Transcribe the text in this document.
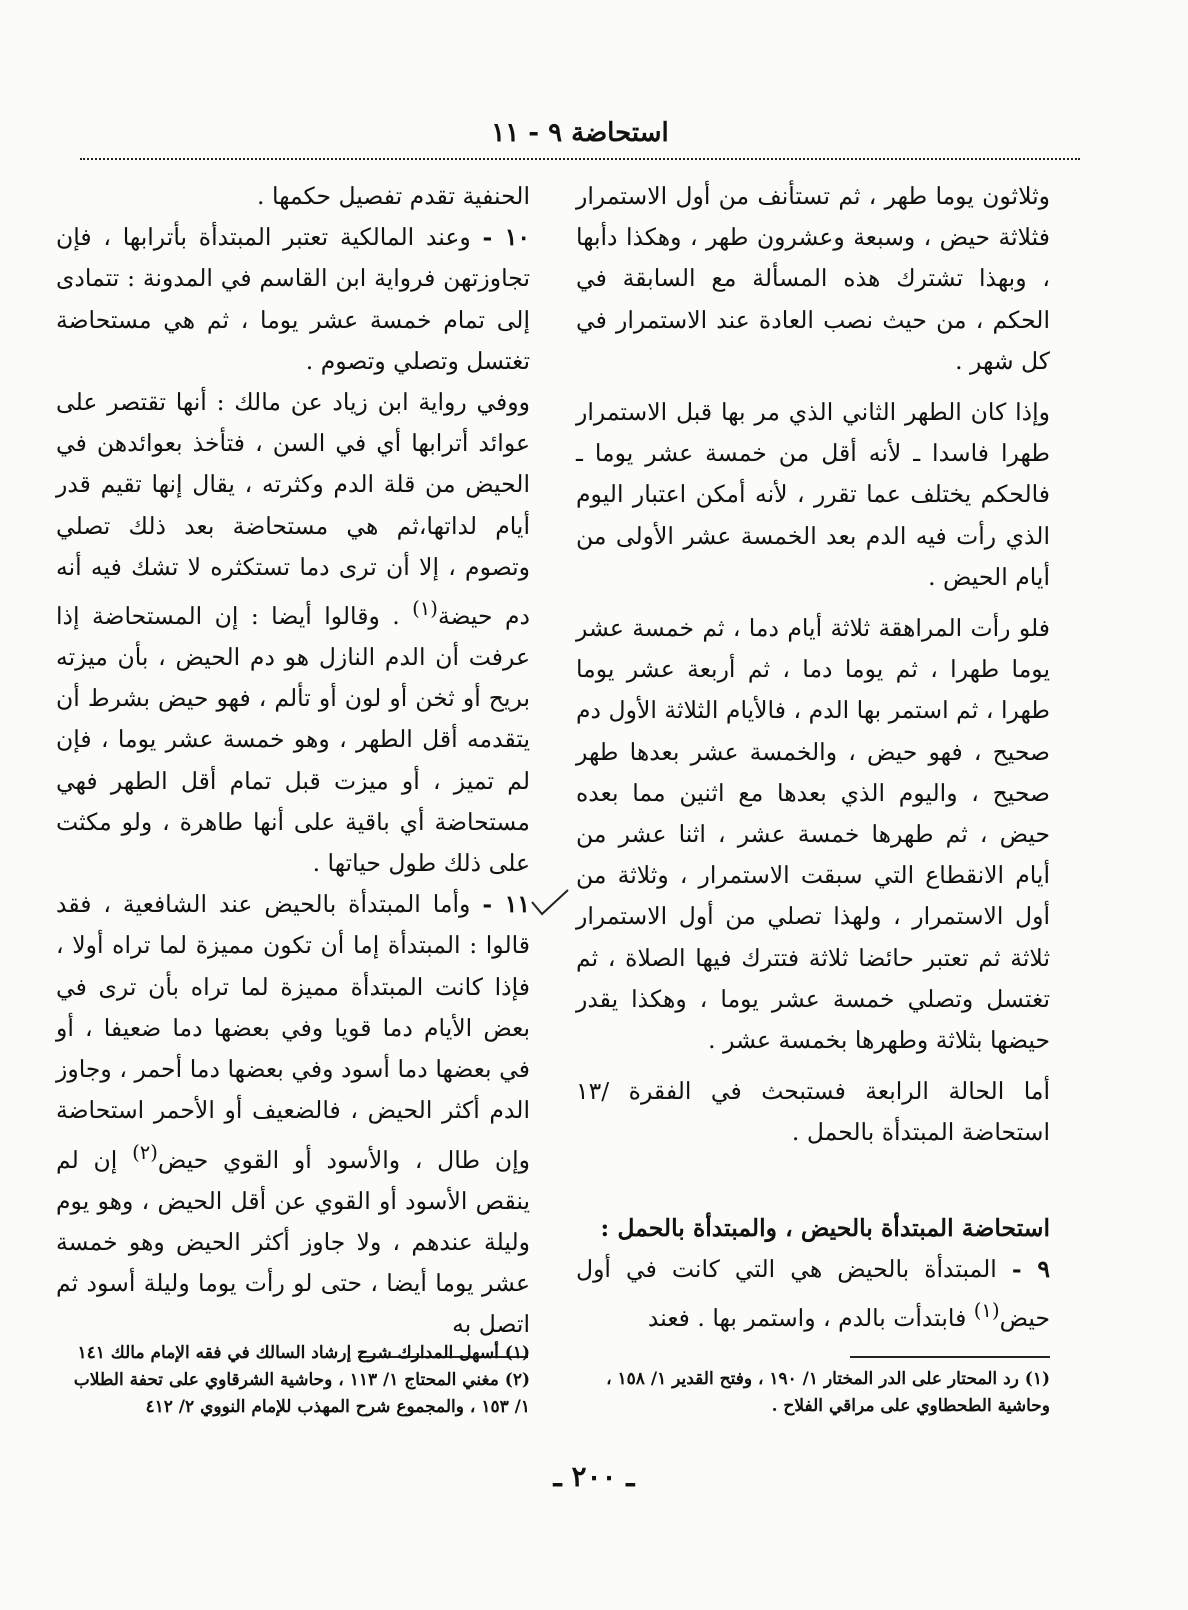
استحاضة ٩ - ١١

وثلاثون يوما طهر ، ثم تستأنف من أول الاستمرار فثلاثة حيض ، وسبعة وعشرون طهر ، وهكذا دأبها ، وبهذا تشترك هذه المسألة مع السابقة في الحكم ، من حيث نصب العادة عند الاستمرار في كل شهر .

وإذا كان الطهر الثاني الذي مر بها قبل الاستمرار طهرا فاسدا ـ لأنه أقل من خمسة عشر يوما ـ فالحكم يختلف عما تقرر ، لأنه أمكن اعتبار اليوم الذي رأت فيه الدم بعد الخمسة عشر الأولى من أيام الحيض .

فلو رأت المراهقة ثلاثة أيام دما ، ثم خمسة عشر يوما طهرا ، ثم يوما دما ، ثم أربعة عشر يوما طهرا ، ثم استمر بها الدم ، فالأيام الثلاثة الأول دم صحيح ، فهو حيض ، والخمسة عشر بعدها طهر صحيح ، واليوم الذي بعدها مع اثنين مما بعده حيض ، ثم طهرها خمسة عشر ، اثنا عشر من أيام الانقطاع التي سبقت الاستمرار ، وثلاثة من أول الاستمرار ، ولهذا تصلي من أول الاستمرار ثلاثة ثم تعتبر حائضا ثلاثة فتترك فيها الصلاة ، ثم تغتسل وتصلي خمسة عشر يوما ، وهكذا يقدر حيضها بثلاثة وطهرها بخمسة عشر .

أما الحالة الرابعة فستبحث في الفقرة /١٣ استحاضة المبتدأة بالحمل .

استحاضة المبتدأة بالحيض ، والمبتدأة بالحمل :

٩ - المبتدأة بالحيض هي التي كانت في أول حيض$^{(١)}$ فابتدأت بالدم ، واستمر بها . فعند

الحنفية تقدم تفصيل حكمها .

١٠ - وعند المالكية تعتبر المبتدأة بأترابها ، فإن تجاوزتهن فرواية ابن القاسم في المدونة : تتمادى إلى تمام خمسة عشر يوما ، ثم هي مستحاضة تغتسل وتصلي وتصوم .

ووفي رواية ابن زياد عن مالك : أنها تقتصر على عوائد أترابها أي في السن ، فتأخذ بعوائدهن في الحيض من قلة الدم وكثرته ، يقال إنها تقيم قدر أيام لداتها،ثم هي مستحاضة بعد ذلك تصلي وتصوم ، إلا أن ترى دما تستكثره لا تشك فيه أنه دم حيضة$^{(١)}$ . وقالوا أيضا : إن المستحاضة إذا عرفت أن الدم النازل هو دم الحيض ، بأن ميزته بريح أو ثخن أو لون أو تألم ، فهو حيض بشرط أن يتقدمه أقل الطهر ، وهو خمسة عشر يوما ، فإن لم تميز ، أو ميزت قبل تمام أقل الطهر فهي مستحاضة أي باقية على أنها طاهرة ، ولو مكثت على ذلك طول حياتها .

١١ - وأما المبتدأة بالحيض عند الشافعية ، فقد قالوا : المبتدأة إما أن تكون مميزة لما تراه أولا ، فإذا كانت المبتدأة مميزة لما تراه بأن ترى في بعض الأيام دما قويا وفي بعضها دما ضعيفا ، أو في بعضها دما أسود وفي بعضها دما أحمر ، وجاوز الدم أكثر الحيض ، فالضعيف أو الأحمر استحاضة وإن طال ، والأسود أو القوي حيض$^{(٢)}$ إن لم ينقص الأسود أو القوي عن أقل الحيض ، وهو يوم وليلة عندهم ، ولا جاوز أكثر الحيض وهو خمسة عشر يوما أيضا ، حتى لو رأت يوما وليلة أسود ثم اتصل به

(١) رد المحتار على الدر المختار ١/ ١٩٠ ، وفتح القدير ١/ ١٥٨ ، وحاشية الطحطاوي على مراقي الفلاح .

(١) أسهل المدارك شرح إرشاد السالك في فقه الإمام مالك ١٤١

(٢) مغني المحتاج ١/ ١١٣ ، وحاشية الشرقاوي على تحفة الطلاب ١/ ١٥٣ ، والمجموع شرح المهذب للإمام النووي ٢/ ٤١٢

ـ ٢٠٠ ـ
